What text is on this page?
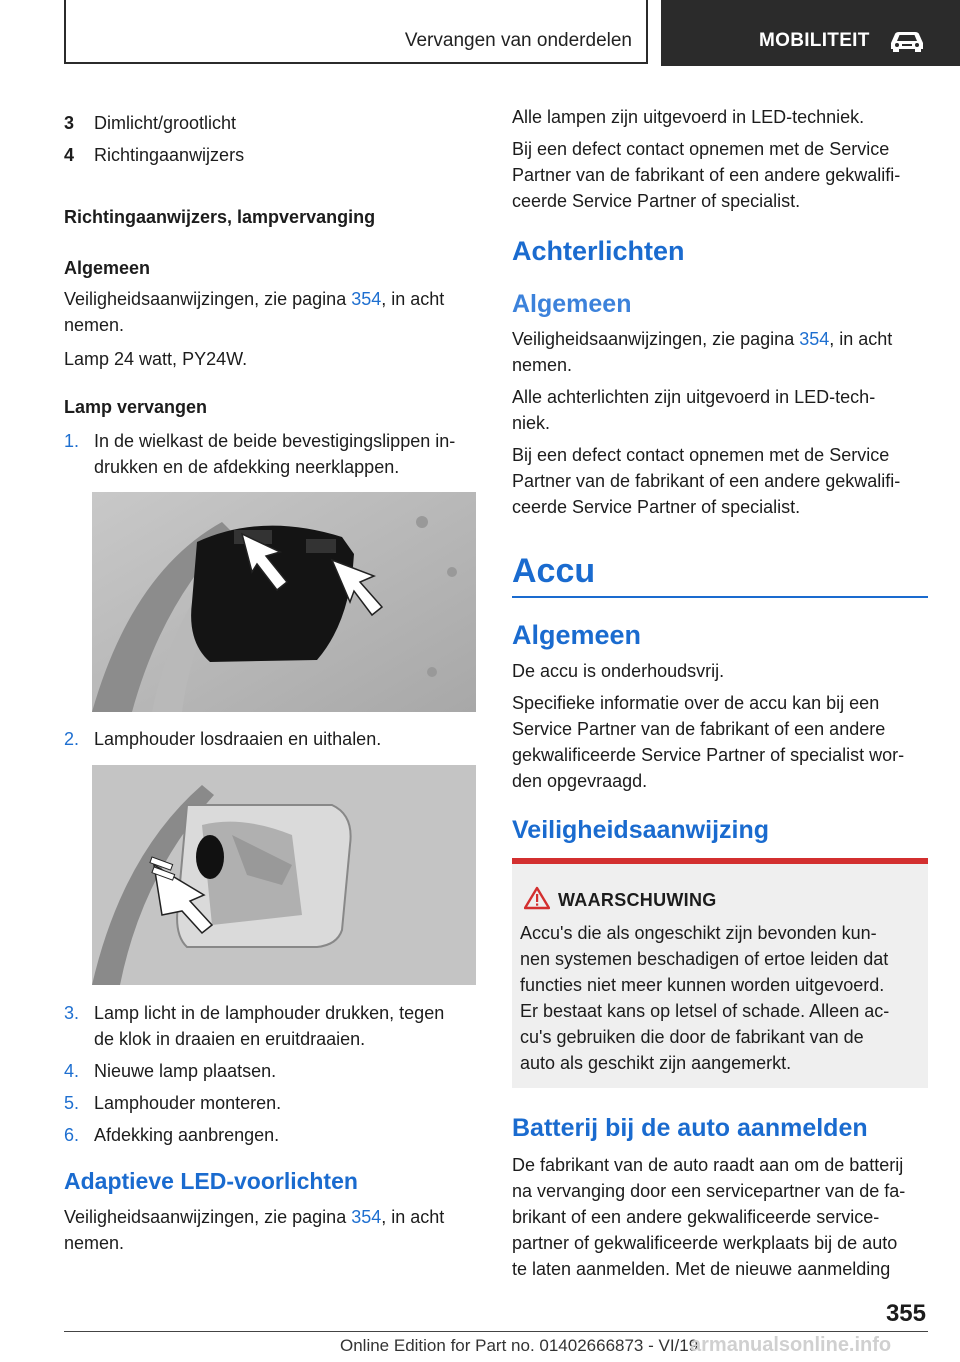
Vervangen van onderdelen	MOBILITEIT
3 Dimlicht/grootlicht
4 Richtingaanwijzers
Richtingaanwijzers, lampvervanging
Algemeen
Veiligheidsaanwijzingen, zie pagina 354, in acht
nemen.
Lamp 24 watt, PY24W.
Lamp vervangen
1. In de wielkast de beide bevestigingslippen in-
drukken en de afdekking neerklappen.
2. Lamphouder losdraaien en uithalen.
3. Lamp licht in de lamphouder drukken, tegen
de klok in draaien en eruitdraaien.
4. Nieuwe lamp plaatsen.
5. Lamphouder monteren.
6. Afdekking aanbrengen.
Adaptieve LED-voorlichten
Veiligheidsaanwijzingen, zie pagina 354, in acht
nemen.
Alle lampen zijn uitgevoerd in LED-techniek.
Bij een defect contact opnemen met de Service
Partner van de fabrikant of een andere gekwalifi-
ceerde Service Partner of specialist.
Achterlichten
Algemeen
Veiligheidsaanwijzingen, zie pagina 354, in acht
nemen.
Alle achterlichten zijn uitgevoerd in LED-tech-
niek.
Bij een defect contact opnemen met de Service
Partner van de fabrikant of een andere gekwalifi-
ceerde Service Partner of specialist.
Accu
Algemeen
De accu is onderhoudsvrij.
Specifieke informatie over de accu kan bij een
Service Partner van de fabrikant of een andere
gekwalificeerde Service Partner of specialist wor-
den opgevraagd.
Veiligheidsaanwijzing
WAARSCHUWING
Accu's die als ongeschikt zijn bevonden kun-
nen systemen beschadigen of ertoe leiden dat
functies niet meer kunnen worden uitgevoerd.
Er bestaat kans op letsel of schade. Alleen ac-
cu's gebruiken die door de fabrikant van de
auto als geschikt zijn aangemerkt.
Batterij bij de auto aanmelden
De fabrikant van de auto raadt aan om de batterij
na vervanging door een servicepartner van de fa-
brikant of een andere gekwalificeerde service-
partner of gekwalificeerde werkplaats bij de auto
te laten aanmelden. Met de nieuwe aanmelding
355
Online Edition for Part no. 01402666873 - VI/19
armanualsonline.info
